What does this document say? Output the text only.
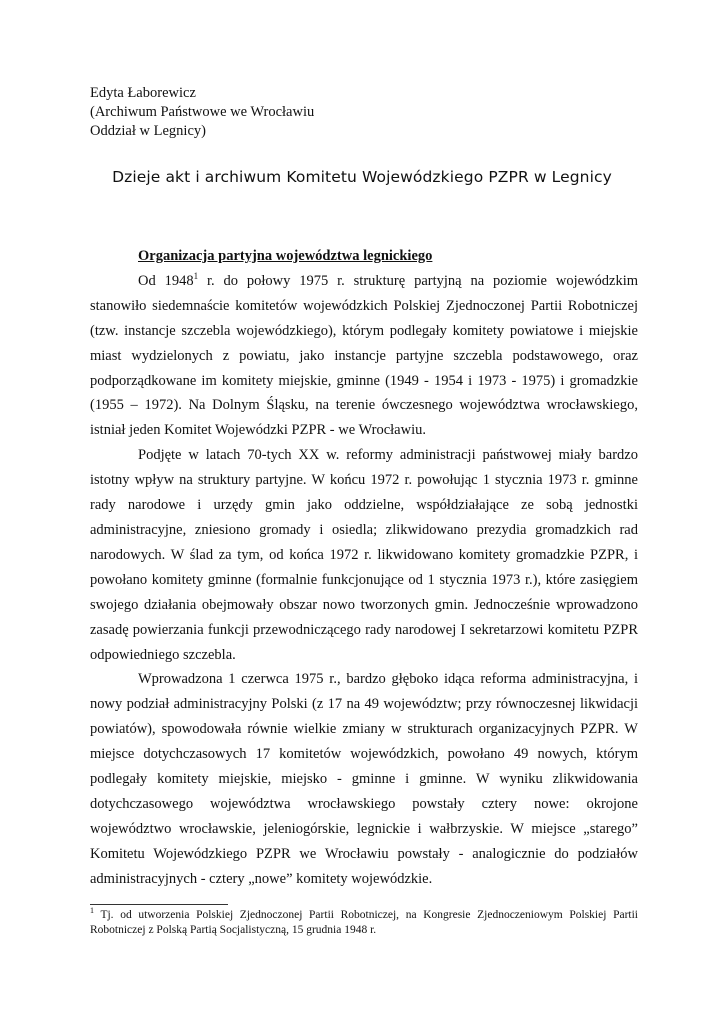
Edyta Łaborewicz
(Archiwum Państwowe we Wrocławiu
Oddział w Legnicy)
Dzieje akt i archiwum Komitetu Wojewódzkiego PZPR w Legnicy

Organizacja partyjna województwa legnickiego

Od 1948$^1$ r. do połowy 1975 r. strukturę partyjną na poziomie wojewódzkim stanowiło siedemnaście komitetów wojewódzkich Polskiej Zjednoczonej Partii Robotniczej (tzw. instancje szczebla wojewódzkiego), którym podlegały komitety powiatowe i miejskie miast wydzielonych z powiatu, jako instancje partyjne szczebla podstawowego, oraz podporządkowane im komitety miejskie, gminne (1949 - 1954 i 1973 - 1975) i gromadzkie (1955 – 1972). Na Dolnym Śląsku, na terenie ówczesnego województwa wrocławskiego, istniał jeden Komitet Wojewódzki PZPR - we Wrocławiu.

Podjęte w latach 70-tych XX w. reformy administracji państwowej miały bardzo istotny wpływ na struktury partyjne. W końcu 1972 r. powołując 1 stycznia 1973 r. gminne rady narodowe i urzędy gmin jako oddzielne, współdziałające ze sobą jednostki administracyjne, zniesiono gromady i osiedla; zlikwidowano prezydia gromadzkich rad narodowych. W ślad za tym, od końca 1972 r. likwidowano komitety gromadzkie PZPR, i powołano komitety gminne (formalnie funkcjonujące od 1 stycznia 1973 r.), które zasięgiem swojego działania obejmowały obszar nowo tworzonych gmin. Jednocześnie wprowadzono zasadę powierzania funkcji przewodniczącego rady narodowej I sekretarzowi komitetu PZPR odpowiedniego szczebla.

Wprowadzona 1 czerwca 1975 r., bardzo głęboko idąca reforma administracyjna, i nowy podział administracyjny Polski (z 17 na 49 województw; przy równoczesnej likwidacji powiatów), spowodowała równie wielkie zmiany w strukturach organizacyjnych PZPR. W miejsce dotychczasowych 17 komitetów wojewódzkich, powołano 49 nowych, którym podlegały komitety miejskie, miejsko - gminne i gminne. W wyniku zlikwidowania dotychczasowego województwa wrocławskiego powstały cztery nowe: okrojone województwo wrocławskie, jeleniogórskie, legnickie i wałbrzyskie. W miejsce „starego” Komitetu Wojewódzkiego PZPR we Wrocławiu powstały - analogicznie do podziałów administracyjnych - cztery „nowe” komitety wojewódzkie.

$^1$ Tj. od utworzenia Polskiej Zjednoczonej Partii Robotniczej, na Kongresie Zjednoczeniowym Polskiej Partii Robotniczej z Polską Partią Socjalistyczną, 15 grudnia 1948 r.
